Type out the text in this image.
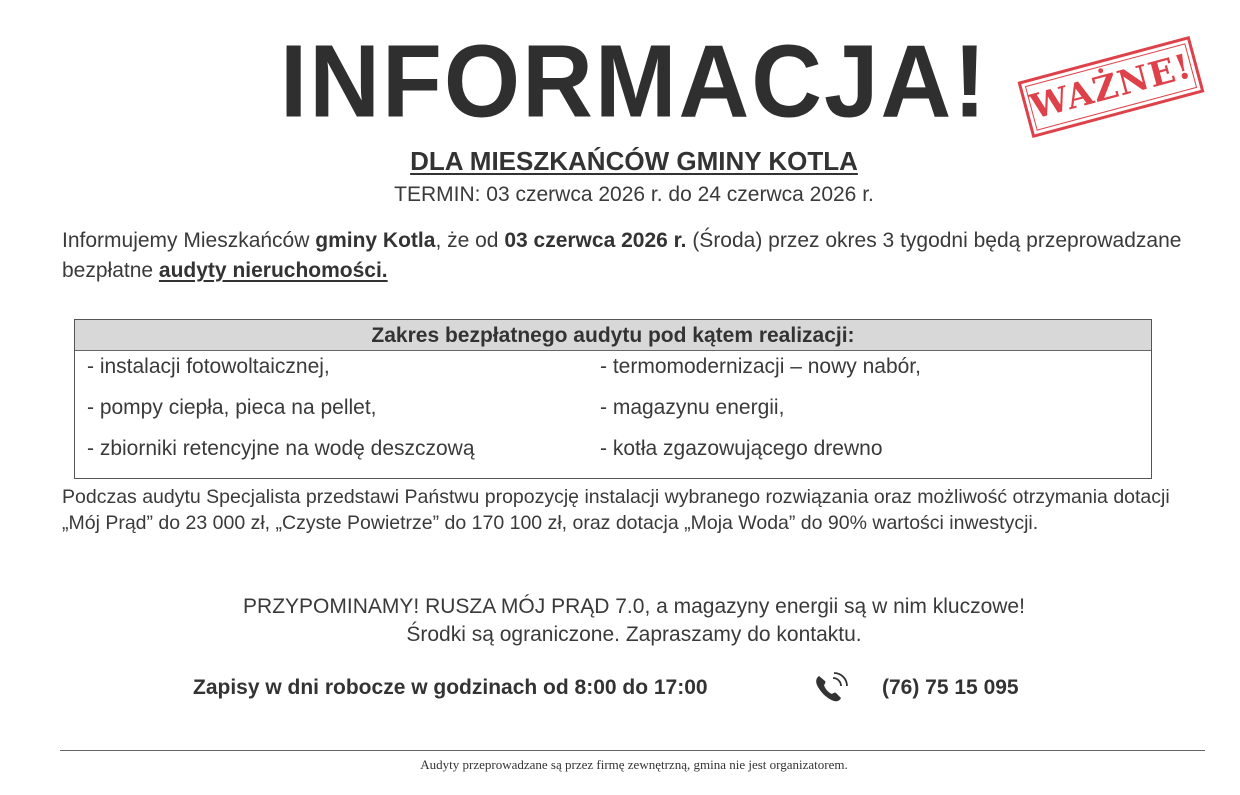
INFORMACJA!	WAŻNE!
DLA MIESZKAŃCÓW GMINY KOTLA
TERMIN: 03 czerwca 2026 r. do 24 czerwca 2026 r.
Informujemy Mieszkańców gminy Kotla, że od 03 czerwca 2026 r. (Środa) przez okres 3 tygodni będą przeprowadzane bezpłatne audyty nieruchomości.
Zakres bezpłatnego audytu pod kątem realizacji:
- instalacji fotowoltaicznej,	- termomodernizacji – nowy nabór,
- pompy ciepła, pieca na pellet,	- magazynu energii,
- zbiorniki retencyjne na wodę deszczową	- kotła zgazowującego drewno
Podczas audytu Specjalista przedstawi Państwu propozycję instalacji wybranego rozwiązania oraz możliwość otrzymania dotacji „Mój Prąd” do 23 000 zł, „Czyste Powietrze” do 170 100 zł, oraz dotacja „Moja Woda” do 90% wartości inwestycji.
PRZYPOMINAMY! RUSZA MÓJ PRĄD 7.0, a magazyny energii są w nim kluczowe!
Środki są ograniczone. Zapraszamy do kontaktu.
Zapisy w dni robocze w godzinach od 8:00 do 17:00	(76) 75 15 095
Audyty przeprowadzane są przez firmę zewnętrzną, gmina nie jest organizatorem.
